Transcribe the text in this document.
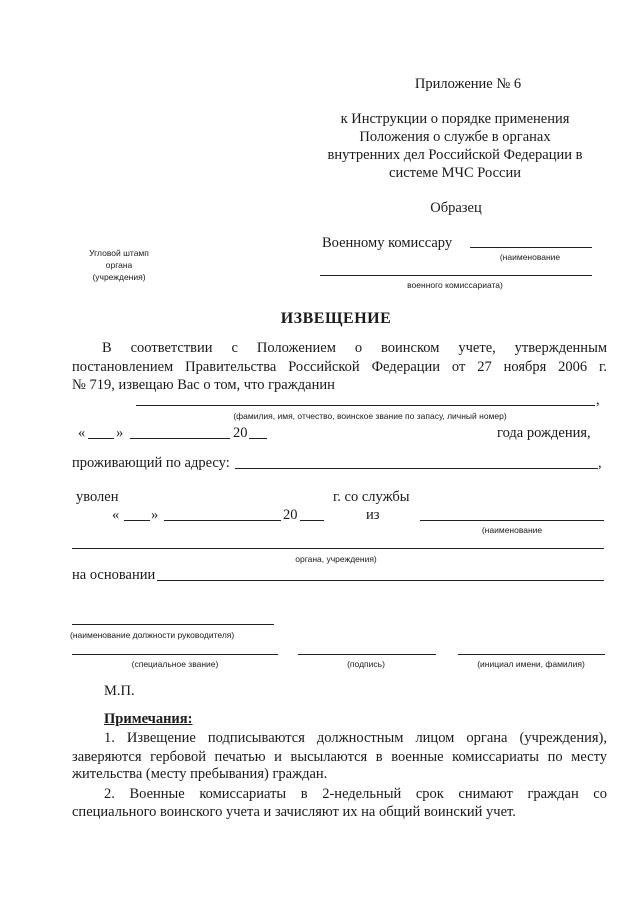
Приложение № 6
к Инструкции о порядке применения
Положения о службе в органах
внутренних дел Российской Федерации в
системе МЧС России
Образец
Угловой штамп
органа
(учреждения)
Военному комиссару
(наименование
военного комиссариата)
ИЗВЕЩЕНИЕ
В соответствии с Положением о воинском учете, утвержденным
постановлением Правительства Российской Федерации от 27 ноября 2006 г.
№ 719, извещаю Вас о том, что гражданин
,
(фамилия, имя, отчество, воинское звание по запасу, личный номер)
« »	20	года рождения,
проживающий по адресу:	,
уволен	г. со службы
« »	20	из
(наименование
органа, учреждения)
на основании
(наименование должности руководителя)
(специальное звание)	(подпись)	(инициал имени, фамилия)
М.П.
Примечания:
1. Извещение подписываются должностным лицом органа (учреждения),
заверяются гербовой печатью и высылаются в военные комиссариаты по месту
жительства (месту пребывания) граждан.
2. Военные комиссариаты в 2-недельный срок снимают граждан со
специального воинского учета и зачисляют их на общий воинский учет.
